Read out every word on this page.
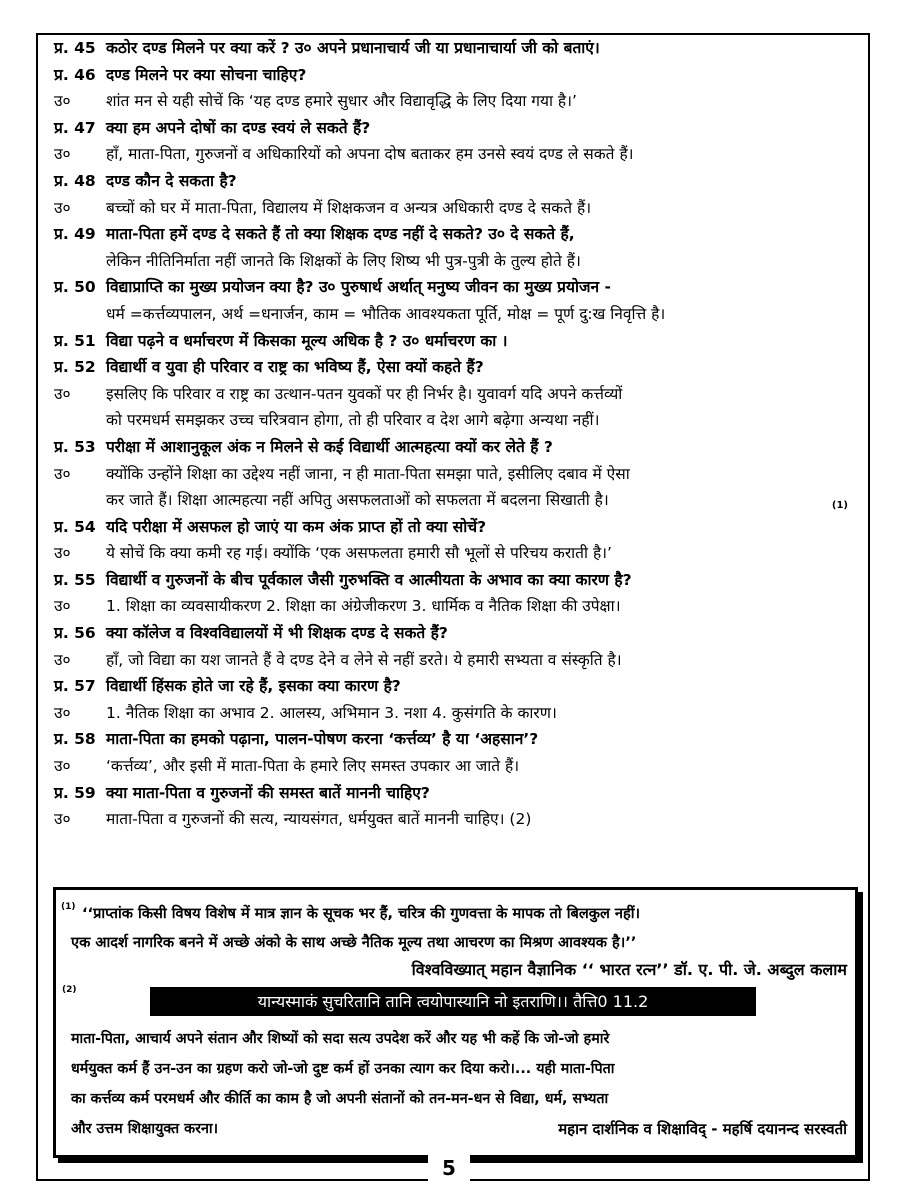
प्र. 45 कठोर दण्ड मिलने पर क्या करें ? उ० अपने प्रधानाचार्य जी या प्रधानाचार्या जी को बताएं।
प्र. 46 दण्ड मिलने पर क्या सोचना चाहिए?
उ० शांत मन से यही सोचें कि ‘यह दण्ड हमारे सुधार और विद्यावृद्धि के लिए दिया गया है।’
प्र. 47 क्या हम अपने दोषों का दण्ड स्वयं ले सकते हैं?
उ० हाँ, माता-पिता, गुरुजनों व अधिकारियों को अपना दोष बताकर हम उनसे स्वयं दण्ड ले सकते हैं।
प्र. 48 दण्ड कौन दे सकता है?
उ० बच्चों को घर में माता-पिता, विद्यालय में शिक्षकजन व अन्यत्र अधिकारी दण्ड दे सकते हैं।
प्र. 49 माता-पिता हमें दण्ड दे सकते हैं तो क्या शिक्षक दण्ड नहीं दे सकते? उ० दे सकते हैं,
लेकिन नीतिनिर्माता नहीं जानते कि शिक्षकों के लिए शिष्य भी पुत्र-पुत्री के तुल्य होते हैं।
प्र. 50 विद्याप्राप्ति का मुख्य प्रयोजन क्या है? उ० पुरुषार्थ अर्थात् मनुष्य जीवन का मुख्य प्रयोजन -
धर्म =कर्त्तव्यपालन, अर्थ =धनार्जन, काम = भौतिक आवश्यकता पूर्ति, मोक्ष = पूर्ण दु:ख निवृत्ति है।
प्र. 51 विद्या पढ़ने व धर्माचरण में किसका मूल्य अधिक है ? उ० धर्माचरण का ।
प्र. 52 विद्यार्थी व युवा ही परिवार व राष्ट्र का भविष्य हैं, ऐसा क्यों कहते हैं?
उ० इसलिए कि परिवार व राष्ट्र का उत्थान-पतन युवकों पर ही निर्भर है। युवावर्ग यदि अपने कर्त्तव्यों
को परमधर्म समझकर उच्च चरित्रवान होगा, तो ही परिवार व देश आगे बढ़ेगा अन्यथा नहीं।
प्र. 53 परीक्षा में आशानुकूल अंक न मिलने से कई विद्यार्थी आत्महत्या क्यों कर लेते हैं ?
उ० क्योंकि उन्होंने शिक्षा का उद्देश्य नहीं जाना, न ही माता-पिता समझा पाते, इसीलिए दबाव में ऐसा
कर जाते हैं। शिक्षा आत्महत्या नहीं अपितु असफलताओं को सफलता में बदलना सिखाती है।	(1)
प्र. 54 यदि परीक्षा में असफल हो जाएं या कम अंक प्राप्त हों तो क्या सोचें?
उ० ये सोचें कि क्या कमी रह गई। क्योंकि ‘एक असफलता हमारी सौ भूलों से परिचय कराती है।’
प्र. 55 विद्यार्थी व गुरुजनों के बीच पूर्वकाल जैसी गुरुभक्ति व आत्मीयता के अभाव का क्या कारण है?
उ० 1. शिक्षा का व्यवसायीकरण 2. शिक्षा का अंग्रेजीकरण 3. धार्मिक व नैतिक शिक्षा की उपेक्षा।
प्र. 56 क्या कॉलेज व विश्वविद्यालयों में भी शिक्षक दण्ड दे सकते हैं?
उ० हाँ, जो विद्या का यश जानते हैं वे दण्ड देने व लेने से नहीं डरते। ये हमारी सभ्यता व संस्कृति है।
प्र. 57 विद्यार्थी हिंसक होते जा रहे हैं, इसका क्या कारण है?
उ० 1. नैतिक शिक्षा का अभाव 2. आलस्य, अभिमान 3. नशा 4. कुसंगति के कारण।
प्र. 58 माता-पिता का हमको पढ़ाना, पालन-पोषण करना ‘कर्त्तव्य’ है या ‘अहसान’?
उ० ‘कर्त्तव्य’, और इसी में माता-पिता के हमारे लिए समस्त उपकार आ जाते हैं।
प्र. 59 क्या माता-पिता व गुरुजनों की समस्त बातें माननी चाहिए?
उ० माता-पिता व गुरुजनों की सत्य, न्यायसंगत, धर्मयुक्त बातें माननी चाहिए। (2)
(1) ‘‘प्राप्तांक किसी विषय विशेष में मात्र ज्ञान के सूचक भर हैं, चरित्र की गुणवत्ता के मापक तो बिलकुल नहीं।
एक आदर्श नागरिक बनने में अच्छे अंको के साथ अच्छे नैतिक मूल्य तथा आचरण का मिश्रण आवश्यक है।’’
विश्वविख्यात् महान वैज्ञानिक ‘‘ भारत रत्न’’ डॉ. ए. पी. जे. अब्दुल कलाम
(2)
यान्यस्माकं सुचरितानि तानि त्वयोपास्यानि नो इतराणि।। तैत्ति0 11.2
माता-पिता, आचार्य अपने संतान और शिष्यों को सदा सत्य उपदेश करें और यह भी कहें कि जो-जो हमारे
धर्मयुक्त कर्म हैं उन-उन का ग्रहण करो जो-जो दुष्ट कर्म हों उनका त्याग कर दिया करो।... यही माता-पिता
का कर्त्तव्य कर्म परमधर्म और कीर्ति का काम है जो अपनी संतानों को तन-मन-धन से विद्या, धर्म, सभ्यता
और उत्तम शिक्षायुक्त करना।	महान दार्शनिक व शिक्षाविद् - महर्षि दयानन्द सरस्वती
5
